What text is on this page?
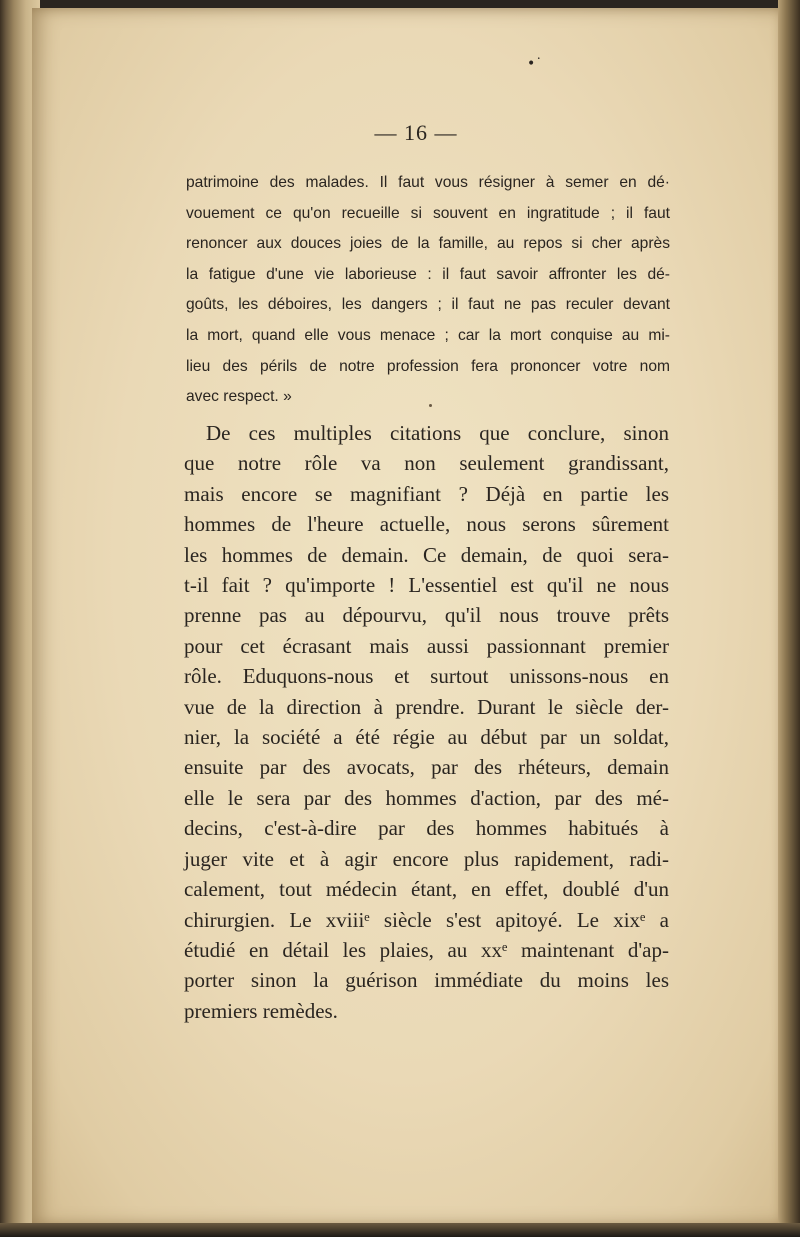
•˙
— 16 —
patrimoine des malades. Il faut vous résigner à semer en dé·
vouement ce qu'on recueille si souvent en ingratitude ; il faut
renoncer aux douces joies de la famille, au repos si cher après
la fatigue d'une vie laborieuse : il faut savoir affronter les dé-
goûts, les déboires, les dangers ; il faut ne pas reculer devant
la mort, quand elle vous menace ; car la mort conquise au mi-
lieu des périls de notre profession fera prononcer votre nom
avec respect. »
De ces multiples citations que conclure, sinon
que notre rôle va non seulement grandissant,
mais encore se magnifiant ? Déjà en partie les
hommes de l'heure actuelle, nous serons sûrement
les hommes de demain. Ce demain, de quoi sera-
t-il fait ? qu'importe ! L'essentiel est qu'il ne nous
prenne pas au dépourvu, qu'il nous trouve prêts
pour cet écrasant mais aussi passionnant premier
rôle. Eduquons-nous et surtout unissons-nous en
vue de la direction à prendre. Durant le siècle der-
nier, la société a été régie au début par un soldat,
ensuite par des avocats, par des rhéteurs, demain
elle le sera par des hommes d'action, par des mé-
decins, c'est-à-dire par des hommes habitués à
juger vite et à agir encore plus rapidement, radi-
calement, tout médecin étant, en effet, doublé d'un
chirurgien. Le xviiiᵉ siècle s'est apitoyé. Le xixᵉ a
étudié en détail les plaies, au xxᵉ maintenant d'ap-
porter sinon la guérison immédiate du moins les
premiers remèdes.
